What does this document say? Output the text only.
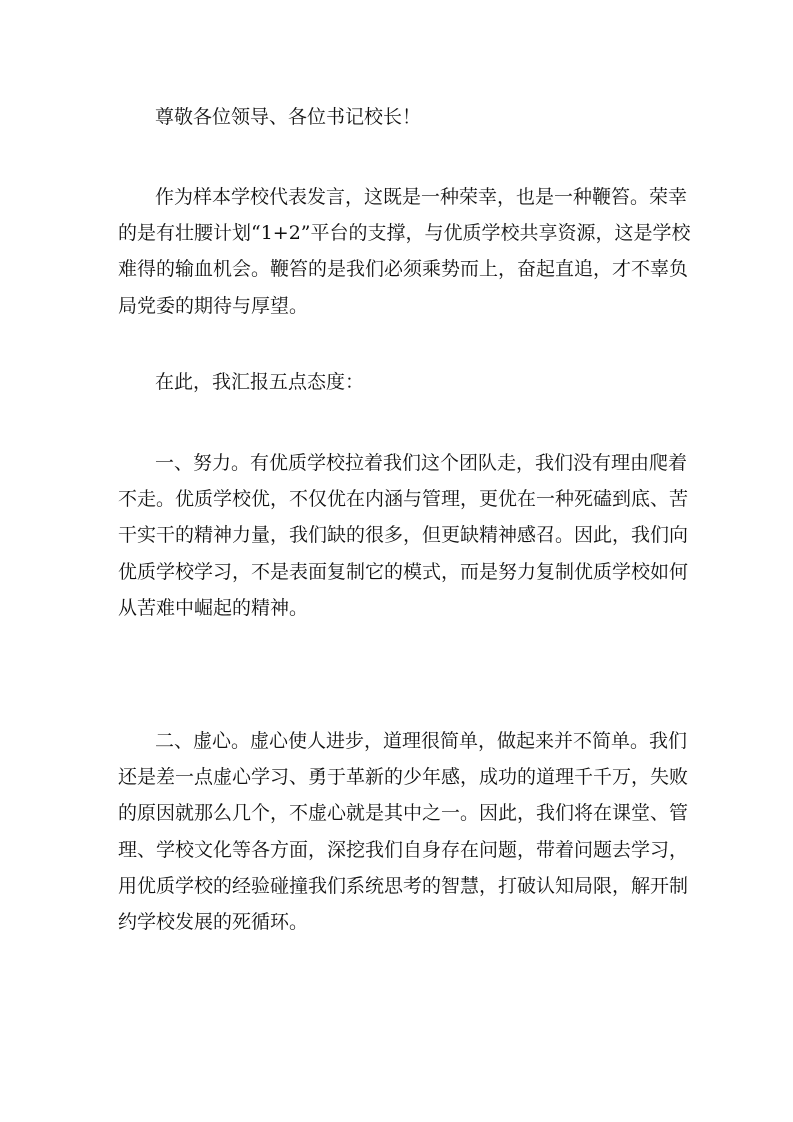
尊敬各位领导、各位书记校长！
作为样本学校代表发言，这既是一种荣幸，也是一种鞭笞。荣幸
的是有壮腰计划“1+2”平台的支撑，与优质学校共享资源，这是学校
难得的输血机会。鞭笞的是我们必须乘势而上，奋起直追，才不辜负
局党委的期待与厚望。
在此，我汇报五点态度：
一、努力。有优质学校拉着我们这个团队走，我们没有理由爬着
不走。优质学校优，不仅优在内涵与管理，更优在一种死磕到底、苦
干实干的精神力量，我们缺的很多，但更缺精神感召。因此，我们向
优质学校学习，不是表面复制它的模式，而是努力复制优质学校如何
从苦难中崛起的精神。
二、虚心。虚心使人进步，道理很简单，做起来并不简单。我们
还是差一点虚心学习、勇于革新的少年感，成功的道理千千万，失败
的原因就那么几个，不虚心就是其中之一。因此，我们将在课堂、管
理、学校文化等各方面，深挖我们自身存在问题，带着问题去学习，
用优质学校的经验碰撞我们系统思考的智慧，打破认知局限，解开制
约学校发展的死循环。
